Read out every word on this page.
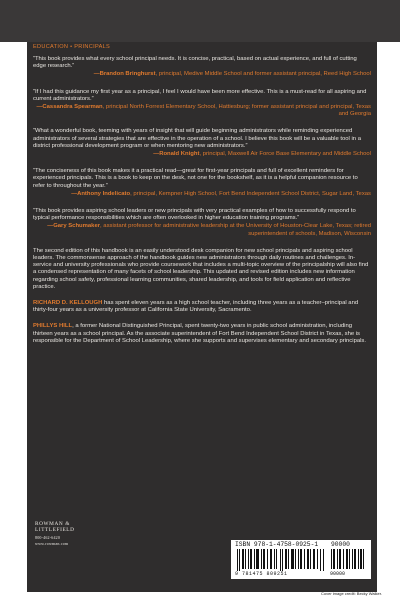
EDUCATION • PRINCIPALS
“This book provides what every school principal needs. It is concise, practical, based on actual experience, and full of cutting edge research.”
—Brandon Bringhurst, principal, Medive Middle School and former assistant principal, Reed High School
“If I had this guidance my first year as a principal, I feel I would have been more effective. This is a must-read for all aspiring and current administrators.”
—Cassandra Spearman, principal North Forrest Elementary School, Hattiesburg; former assistant principal and principal, Texas and Georgia
“What a wonderful book, teeming with years of insight that will guide beginning administrators while reminding experienced administrators of several strategies that are effective in the operation of a school. I believe this book will be a valuable tool in a district professional development program or when mentoring new administrators.”
—Ronald Knight, principal, Maxwell Air Force Base Elementary and Middle School
“The conciseness of this book makes it a practical read—great for first-year principals and full of excellent reminders for experienced principals. This is a book to keep on the desk, not one for the bookshelf, as it is a helpful companion resource to refer to throughout the year.”
—Anthony Indelicato, principal, Kempner High School, Fort Bend Independent School District, Sugar Land, Texas
“This book provides aspiring school leaders or new principals with very practical examples of how to successfully respond to typical performance responsibilities which are often overlooked in higher education training programs.”
—Gary Schumaker, assistant professor for administrative leadership at the University of Houston-Clear Lake, Texas; retired superintendent of schools, Madison, Wisconsin

The second edition of this handbook is an easily understood desk companion for new school principals and aspiring school leaders. The commonsense approach of the handbook guides new administrators through daily routines and challenges. In-service and university professionals who provide coursework that includes a multi-topic overview of the principalship will also find a condensed representation of many facets of school leadership. This updated and revised edition includes new information regarding school safety, professional learning communities, shared leadership, and tools for field application and reflective practice.

RICHARD D. KELLOUGH has spent eleven years as a high school teacher, including three years as a teacher–principal and thirty-four years as a university professor at California State University, Sacramento.

PHILLYS HILL, a former National Distinguished Principal, spent twenty-two years in public school administration, including thirteen years as a school principal. As the associate superintendent of Fort Bend Independent School District in Texas, she is responsible for the Department of School Leadership, where she supports and supervises elementary and secondary principals.

ROWMAN &
LITTLEFIELD
800-462-6420
www.rowman.com	ISBN 978-1-4758-0925-1 90000
9 781475 809251	90000
Cover image credit: Becky Walker.
